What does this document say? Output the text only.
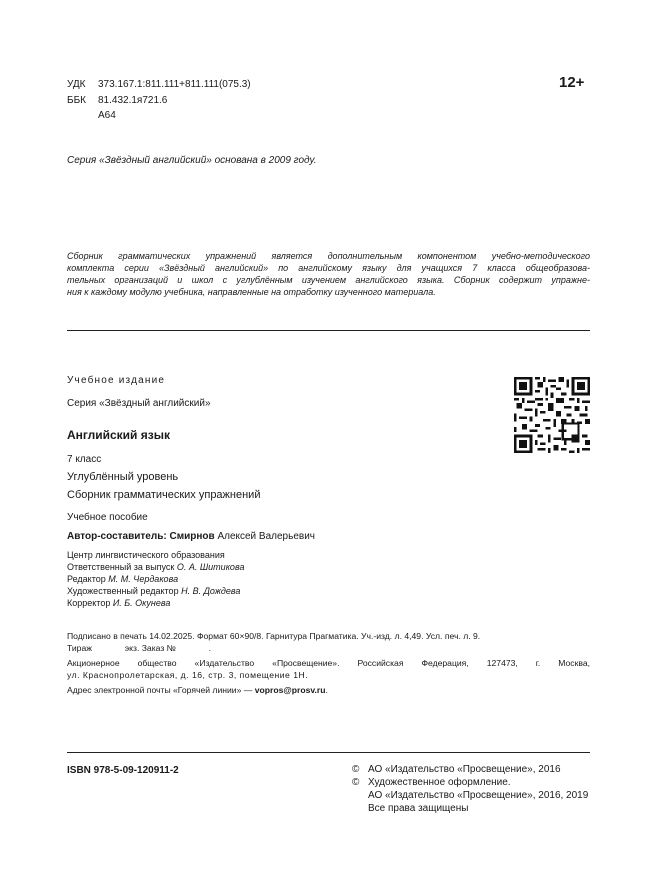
УДК 373.167.1:811.111+811.111(075.3)
ББК 81.432.1я721.6
А64
12+
Серия «Звёздный английский» основана в 2009 году.
Сборник грамматических упражнений является дополнительным компонентом учебно-методического
комплекта серии «Звёздный английский» по английскому языку для учащихся 7 класса общеобразова-
тельных организаций и школ с углублённым изучением английского языка. Сборник содержит упражне-
ния к каждому модулю учебника, направленные на отработку изученного материала.
Учебное издание
Серия «Звёздный английский»
Английский язык
7 класс
Углублённый уровень
Сборник грамматических упражнений
Учебное пособие
Автор-составитель: Смирнов Алексей Валерьевич
Центр лингвистического образования
Ответственный за выпуск О. А. Шитикова
Редактор М. М. Чердакова
Художественный редактор Н. В. Дождева
Корректор И. Б. Окунева
Подписано в печать 14.02.2025. Формат 60×90/8. Гарнитура Прагматика. Уч.-изд. л. 4,49. Усл. печ. л. 9.
Тираж	экз. Заказ №	.
Акционерное общество «Издательство «Просвещение». Российская Федерация, 127473, г. Москва,
ул. Краснопролетарская, д. 16, стр. 3, помещение 1Н.
Адрес электронной почты «Горячей линии» — vopros@prosv.ru.
ISBN 978-5-09-120911-2	© АО «Издательство «Просвещение», 2016
© Художественное оформление.
АО «Издательство «Просвещение», 2016, 2019
Все права защищены
